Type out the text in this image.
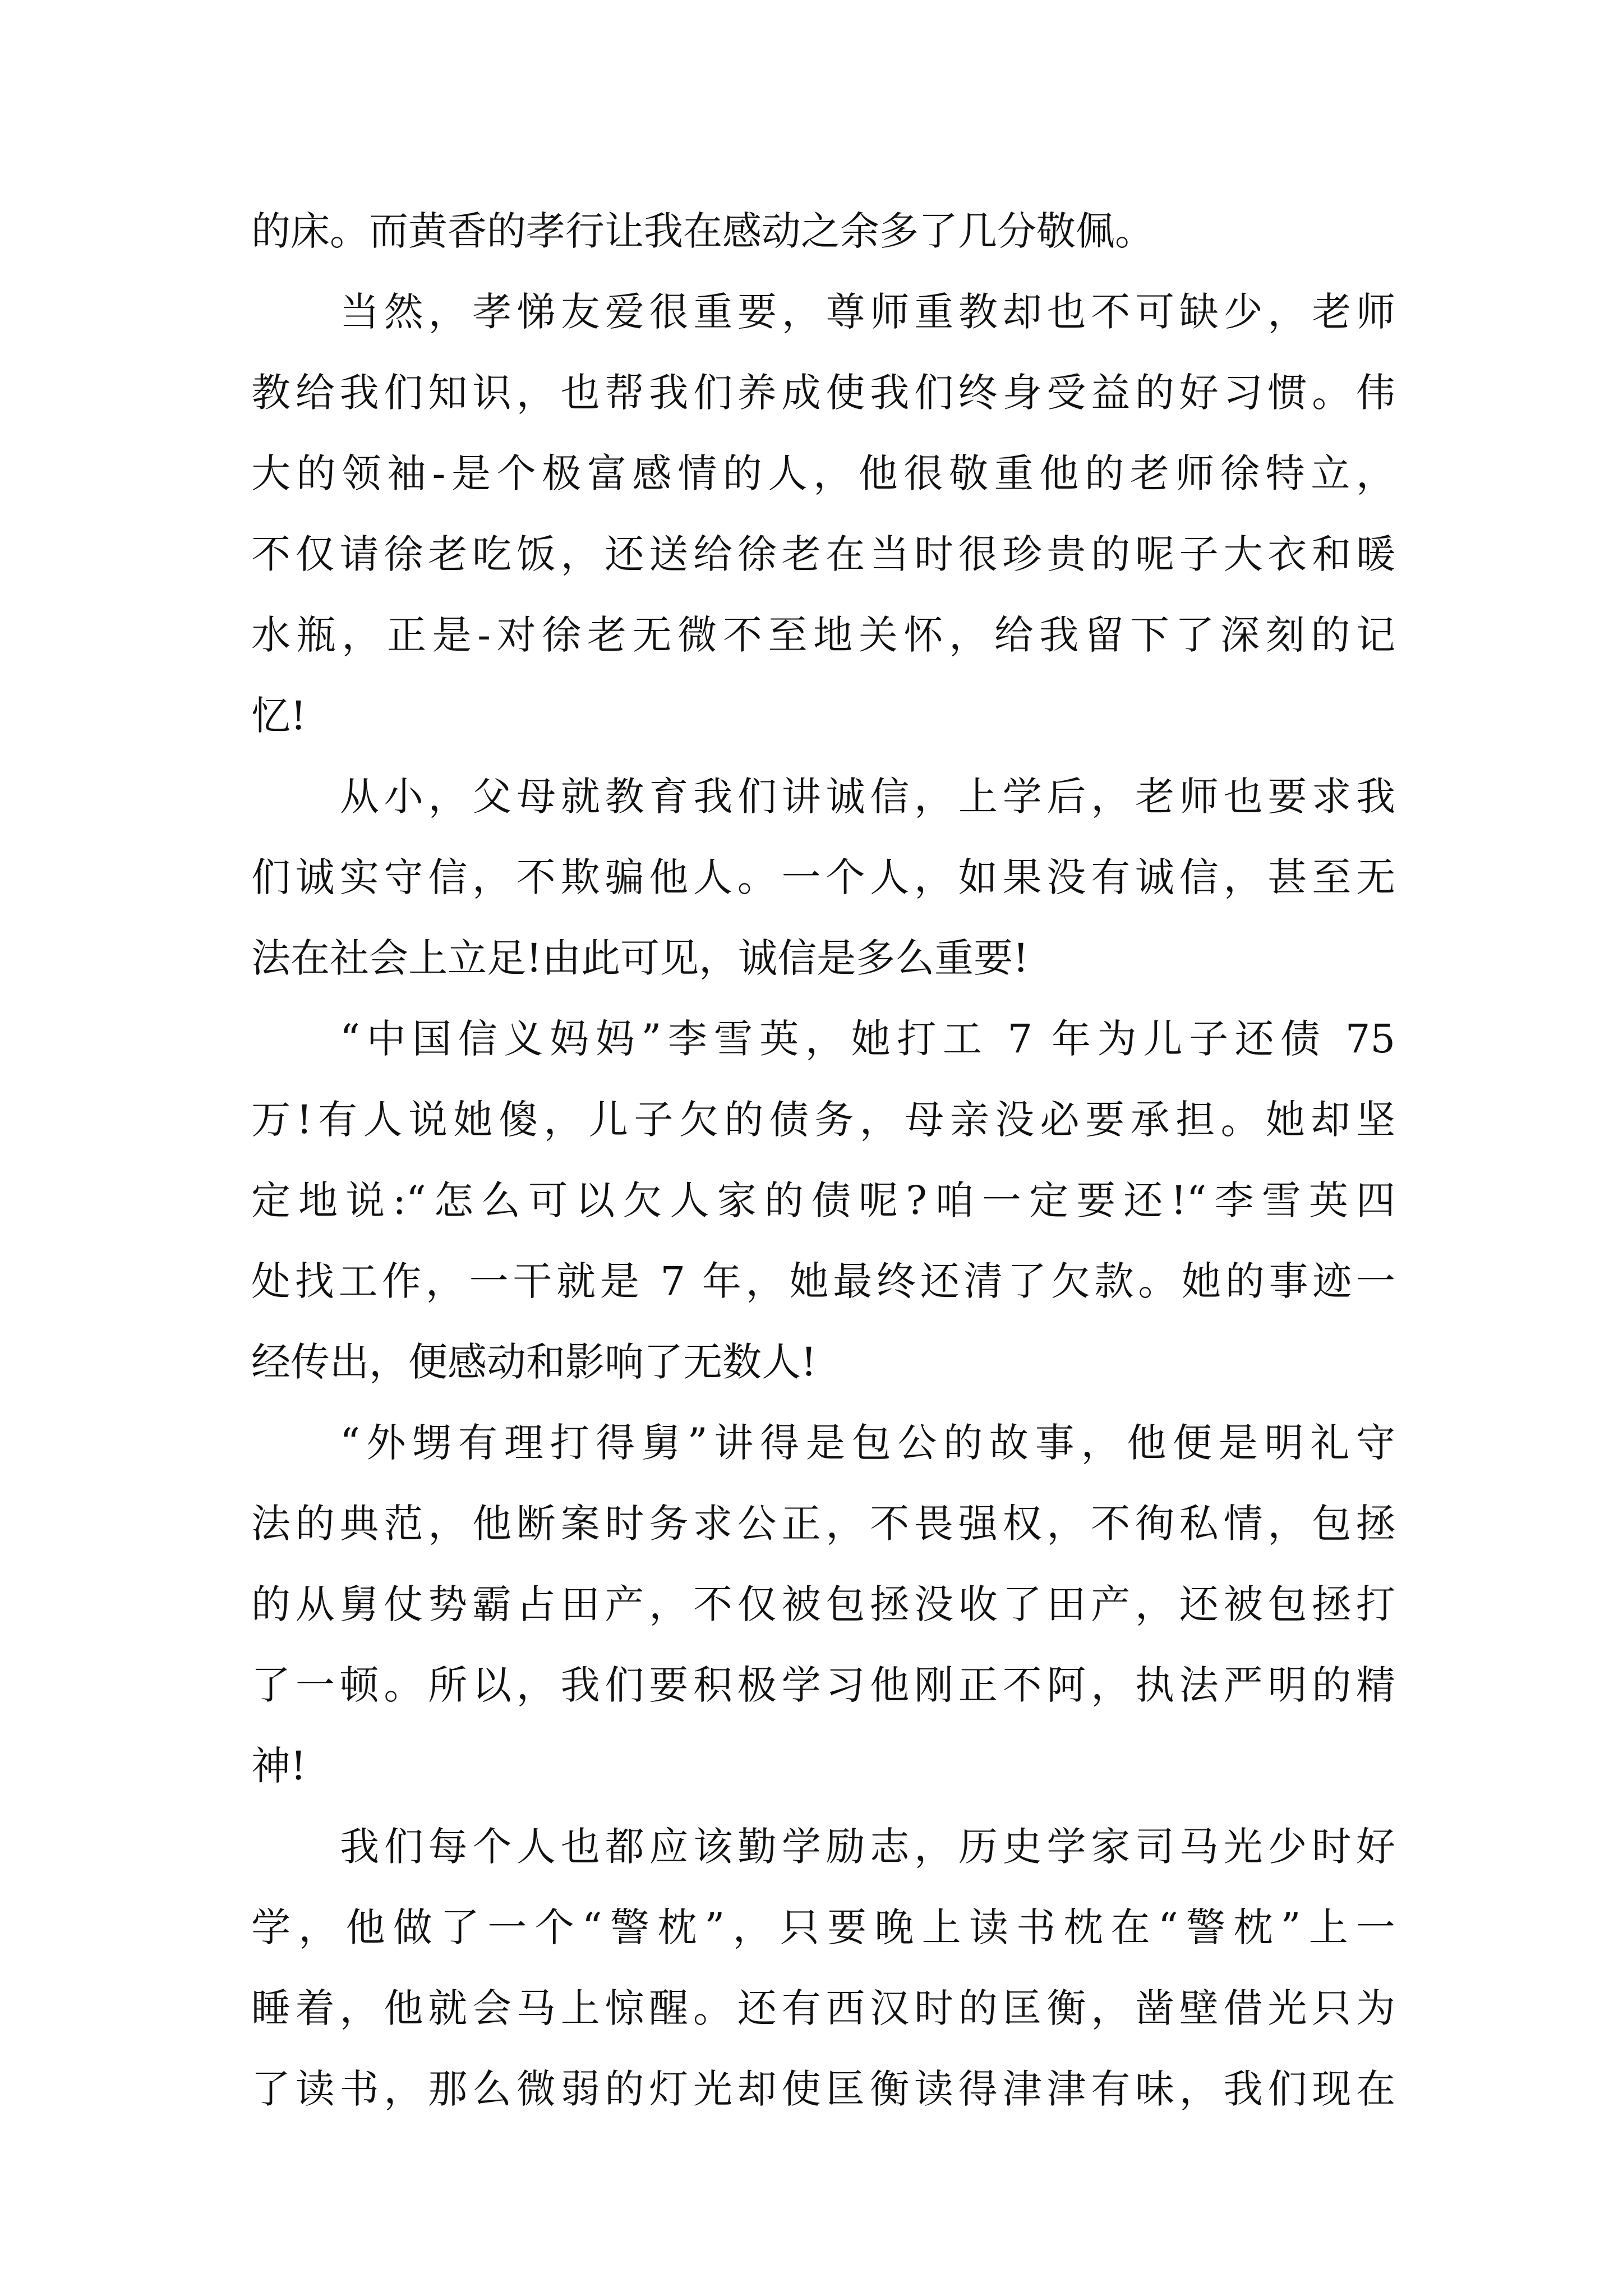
的床。而黄香的孝行让我在感动之余多了几分敬佩。
当然，孝悌友爱很重要，尊师重教却也不可缺少，老师
教给我们知识，也帮我们养成使我们终身受益的好习惯。伟
大的领袖-是个极富感情的人，他很敬重他的老师徐特立，
不仅请徐老吃饭，还送给徐老在当时很珍贵的呢子大衣和暖
水瓶，正是-对徐老无微不至地关怀，给我留下了深刻的记
忆!
从小，父母就教育我们讲诚信，上学后，老师也要求我
们诚实守信，不欺骗他人。一个人，如果没有诚信，甚至无
法在社会上立足!由此可见，诚信是多么重要!
“中国信义妈妈”李雪英，她打工 7 年为儿子还债 75
万!有人说她傻，儿子欠的债务，母亲没必要承担。她却坚
定地说:“怎么可以欠人家的债呢?咱一定要还!“李雪英四
处找工作，一干就是 7 年，她最终还清了欠款。她的事迹一
经传出，便感动和影响了无数人!
“外甥有理打得舅”讲得是包公的故事，他便是明礼守
法的典范，他断案时务求公正，不畏强权，不徇私情，包拯
的从舅仗势霸占田产，不仅被包拯没收了田产，还被包拯打
了一顿。所以，我们要积极学习他刚正不阿，执法严明的精
神!
我们每个人也都应该勤学励志，历史学家司马光少时好
学，他做了一个“警枕”，只要晚上读书枕在“警枕”上一
睡着，他就会马上惊醒。还有西汉时的匡衡，凿壁借光只为
了读书，那么微弱的灯光却使匡衡读得津津有味，我们现在
